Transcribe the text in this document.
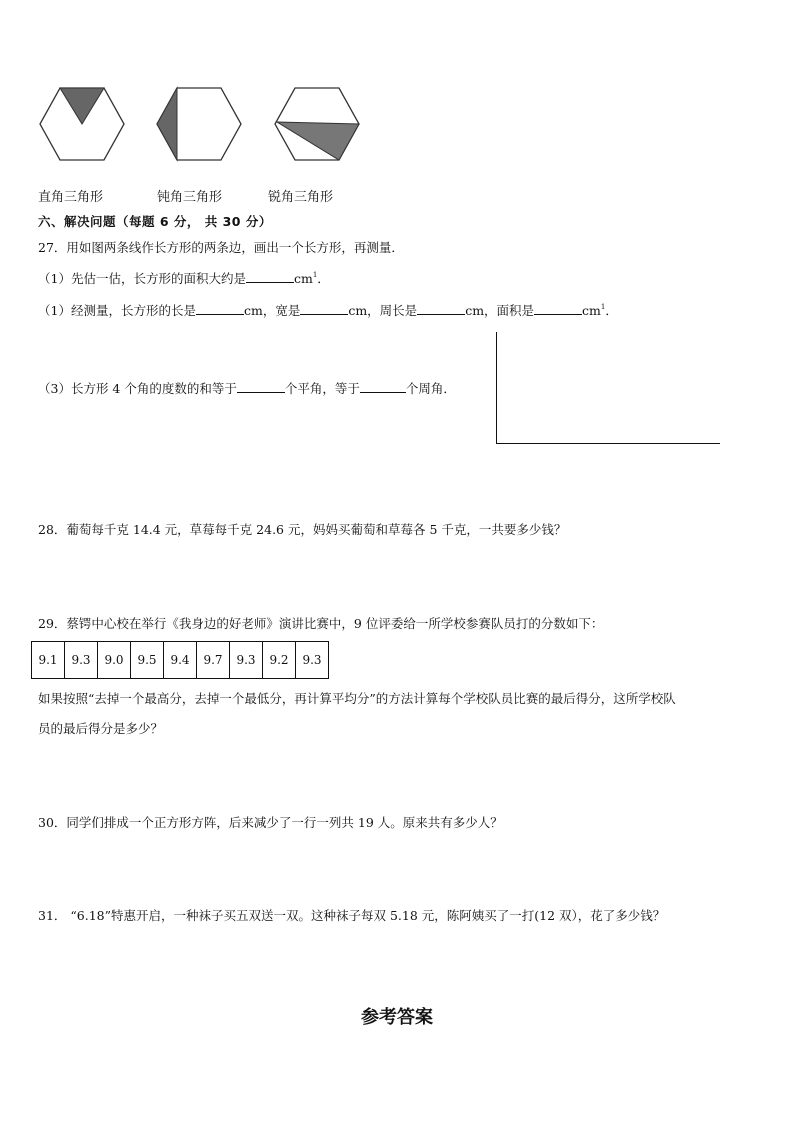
直角三角形	钝角三角形	锐角三角形
六、解决问题（每题 6 分， 共 30 分）
27．用如图两条线作长方形的两条边，画出一个长方形，再测量．
（1）先估一估，长方形的面积大约是	$cm^1$．
（1）经测量，长方形的长是	cm，宽是	cm，周长是	cm，面积是	$cm^1$．
（3）长方形 4 个角的度数的和等于	个平角，等于	个周角．
28．葡萄每千克 14.4 元，草莓每千克 24.6 元，妈妈买葡萄和草莓各 5 千克，一共要多少钱？
29．蔡锷中心校在举行《我身边的好老师》演讲比赛中，9 位评委给一所学校参赛队员打的分数如下：
9.1	9.3	9.0	9.5	9.4	9.7	9.3	9.2	9.3
如果按照“去掉一个最高分，去掉一个最低分，再计算平均分”的方法计算每个学校队员比赛的最后得分，这所学校队
员的最后得分是多少？
30．同学们排成一个正方形方阵，后来减少了一行一列共 19 人。原来共有多少人？
31． “6.18”特惠开启，一种袜子买五双送一双。这种袜子每双 5.18 元，陈阿姨买了一打(12 双），花了多少钱？
参考答案
